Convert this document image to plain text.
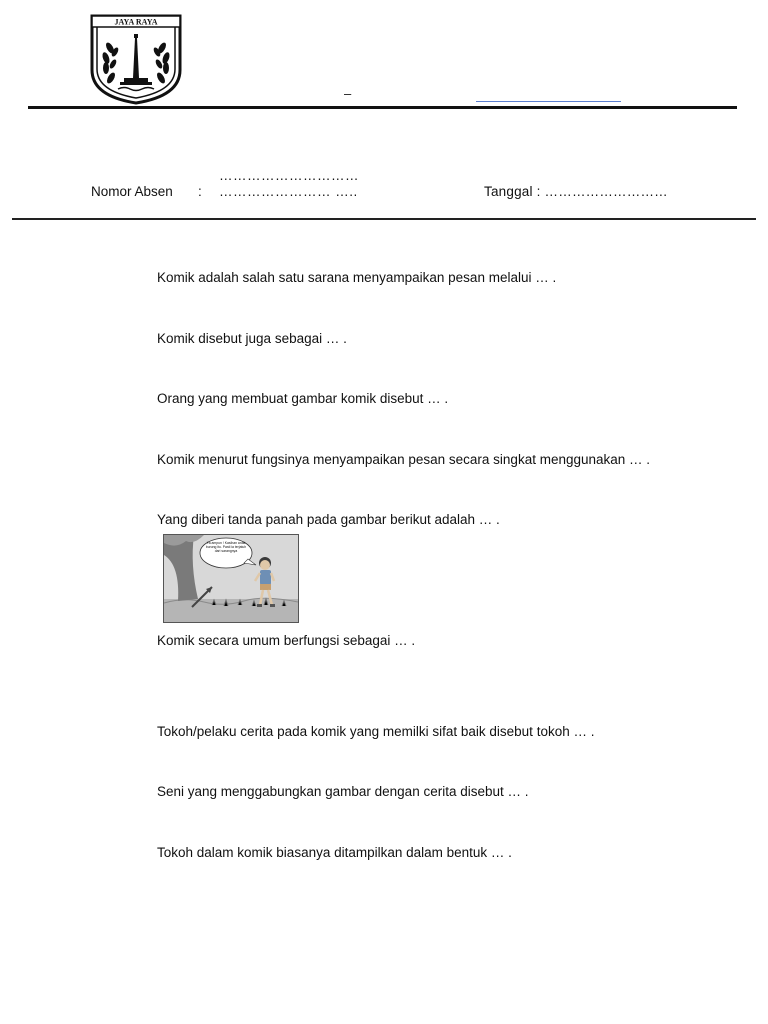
JAYA RAYA
–
Nomor Absen :
…………………………
…………………… …..	Tanggal : ………………………
Komik adalah salah satu sarana menyampaikan pesan melalui … .
Komik disebut juga sebagai … .
Orang yang membuat gambar komik disebut … .
Komik menurut fungsinya menyampaikan pesan secara singkat menggunakan … .
Yang diberi tanda panah pada gambar berikut adalah … .
Ya ampun ! Kasihan anak burung itu. Pasti ia terjatuh dari sarangnya
Komik secara umum berfungsi sebagai … .
Tokoh/pelaku cerita pada komik yang memilki sifat baik disebut tokoh … .
Seni yang menggabungkan gambar dengan cerita disebut … .
Tokoh dalam komik biasanya ditampilkan dalam bentuk … .
